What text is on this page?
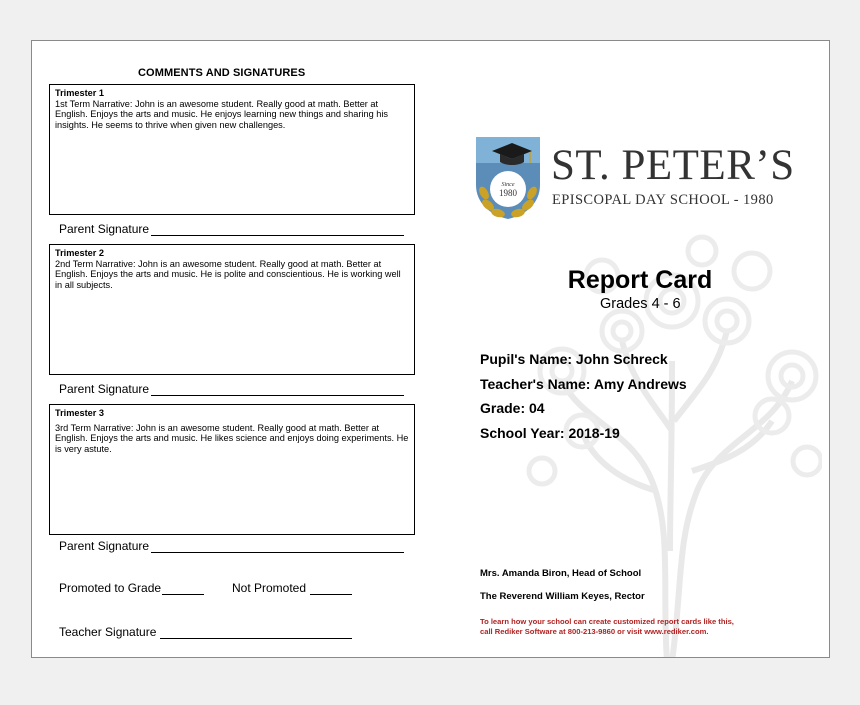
COMMENTS AND SIGNATURES
Trimester 1
1st Term Narrative: John is an awesome student. Really good at math. Better at English. Enjoys the arts and music. He enjoys learning new things and sharing his insights. He seems to thrive when given new challenges.
Parent Signature
Trimester 2
2nd Term Narrative: John is an awesome student. Really good at math. Better at English. Enjoys the arts and music. He is polite and conscientious. He is working well in all subjects.
Parent Signature
Trimester 3
3rd Term Narrative: John is an awesome student. Really good at math. Better at English. Enjoys the arts and music. He likes science and enjoys doing experiments. He is very astute.
Parent Signature
Promoted to Grade	Not Promoted
Teacher Signature
Since
1980
ST. PETER’S
EPISCOPAL DAY SCHOOL - 1980
Report Card
Grades 4 - 6
Pupil's Name: John Schreck
Teacher's Name: Amy Andrews
Grade: 04
School Year: 2018-19
Mrs. Amanda Biron, Head of School
The Reverend William Keyes, Rector
To learn how your school can create customized report cards like this,
call Rediker Software at 800-213-9860 or visit www.rediker.com.
